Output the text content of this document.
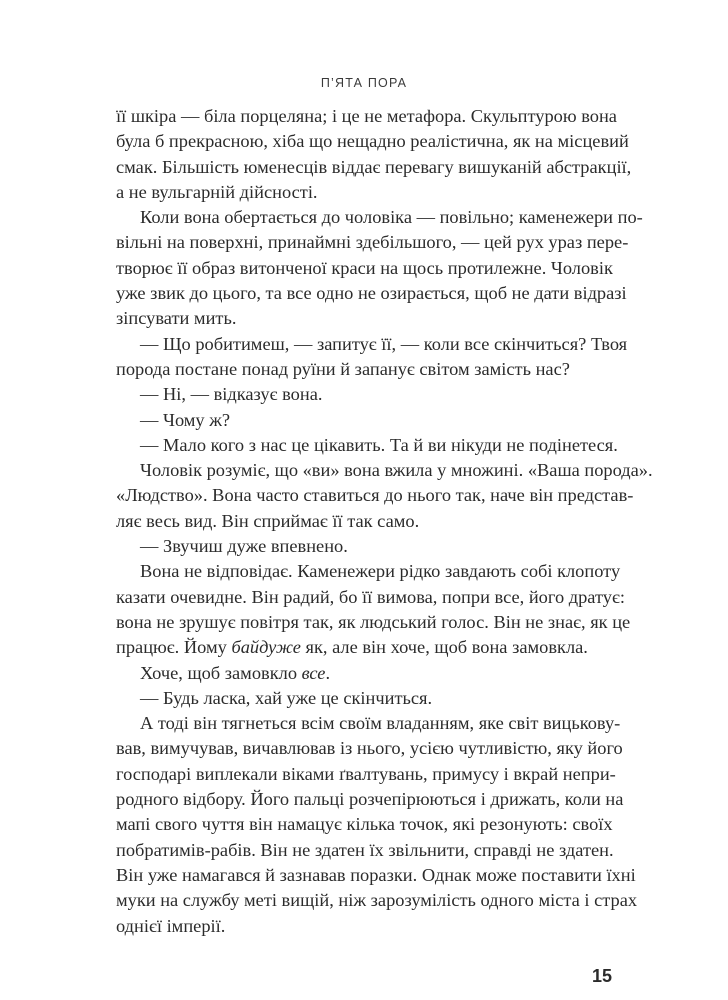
П’ЯТА ПОРА

її шкіра — біла порцеляна; і це не метафора. Скульптурою вона

була б прекрасною, хіба що нещадно реалістична, як на місцевий

смак. Більшість юменесців віддає перевагу вишуканій абстракції,

а не вульгарній дійсності.

Коли вона обертається до чоловіка — повільно; каменежери по-

вільні на поверхні, принаймні здебільшого, — цей рух ураз пере-

творює її образ витонченої краси на щось протилежне. Чоловік

уже звик до цього, та все одно не озирається, щоб не дати відразі

зіпсувати мить.

— Що робитимеш, — запитує її, — коли все скінчиться? Твоя

порода постане понад руїни й запанує світом замість нас?

— Ні, — відказує вона.

— Чому ж?

— Мало кого з нас це цікавить. Та й ви нікуди не подінетеся.

Чоловік розуміє, що «ви» вона вжила у множині. «Ваша порода».

«Людство». Вона часто ставиться до нього так, наче він представ-

ляє весь вид. Він сприймає її так само.

— Звучиш дуже впевнено.

Вона не відповідає. Каменежери рідко завдають собі клопоту

казати очевидне. Він радий, бо її вимова, попри все, його дратує:

вона не зрушує повітря так, як людський голос. Він не знає, як це

працює. Йому байдуже як, але він хоче, щоб вона замовкла.

Хоче, щоб замовкло все.

— Будь ласка, хай уже це скінчиться.

А тоді він тягнеться всім своїм владанням, яке світ вицькову-

вав, вимучував, вичавлював із нього, усією чутливістю, яку його

господарі виплекали віками ґвалтувань, примусу і вкрай непри-

родного відбору. Його пальці розчепірюються і дрижать, коли на

мапі свого чуття він намацує кілька точок, які резонують: своїх

побратимів-рабів. Він не здатен їх звільнити, справді не здатен.

Він уже намагався й зазнавав поразки. Однак може поставити їхні

муки на службу меті вищій, ніж зарозумілість одного міста і страх

однієї імперії.

15
